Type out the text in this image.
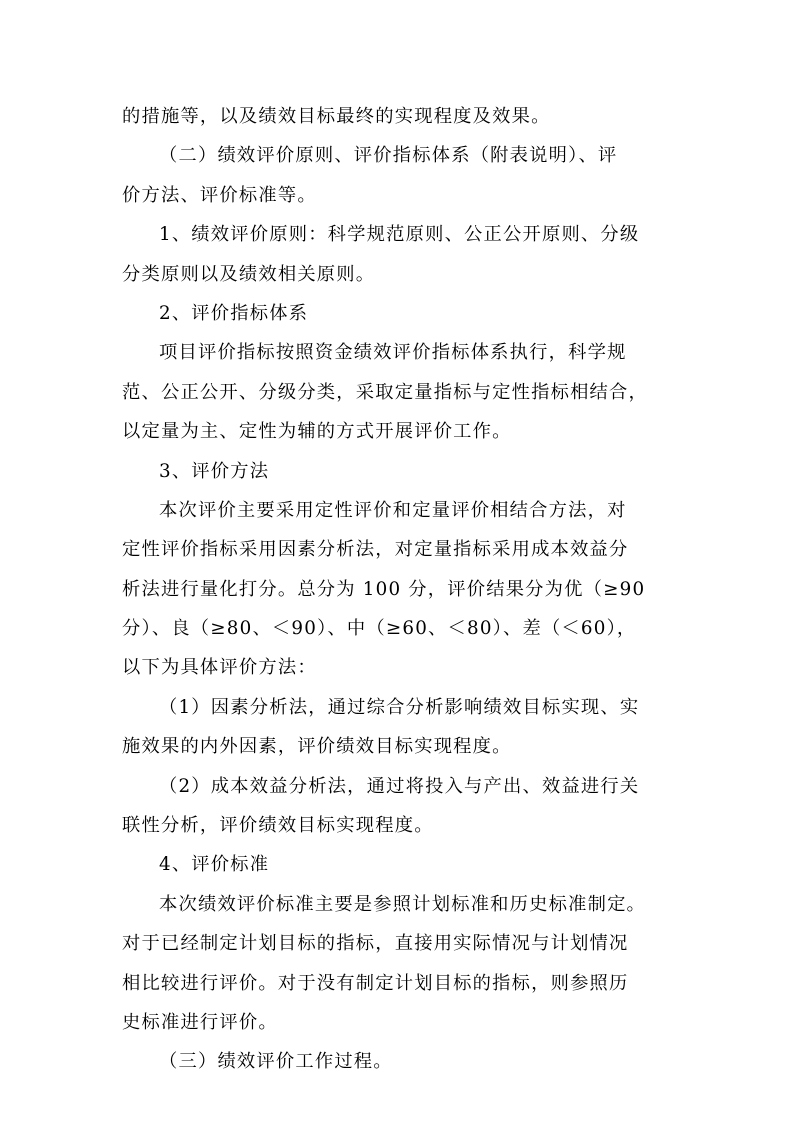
的措施等，以及绩效目标最终的实现程度及效果。
（二）绩效评价原则、评价指标体系（附表说明）、评
价方法、评价标准等。
1、绩效评价原则：科学规范原则、公正公开原则、分级
分类原则以及绩效相关原则。
2、评价指标体系
项目评价指标按照资金绩效评价指标体系执行，科学规
范、公正公开、分级分类，采取定量指标与定性指标相结合，
以定量为主、定性为辅的方式开展评价工作。
3、评价方法
本次评价主要采用定性评价和定量评价相结合方法，对
定性评价指标采用因素分析法，对定量指标采用成本效益分
析法进行量化打分。总分为 100 分，评价结果分为优（≥90
分）、良（≥80、＜90）、中（≥60、＜80）、差（＜60），
以下为具体评价方法：
（1）因素分析法，通过综合分析影响绩效目标实现、实
施效果的内外因素，评价绩效目标实现程度。
（2）成本效益分析法，通过将投入与产出、效益进行关
联性分析，评价绩效目标实现程度。
4、评价标准
本次绩效评价标准主要是参照计划标准和历史标准制定。
对于已经制定计划目标的指标，直接用实际情况与计划情况
相比较进行评价。对于没有制定计划目标的指标，则参照历
史标准进行评价。
（三）绩效评价工作过程。
